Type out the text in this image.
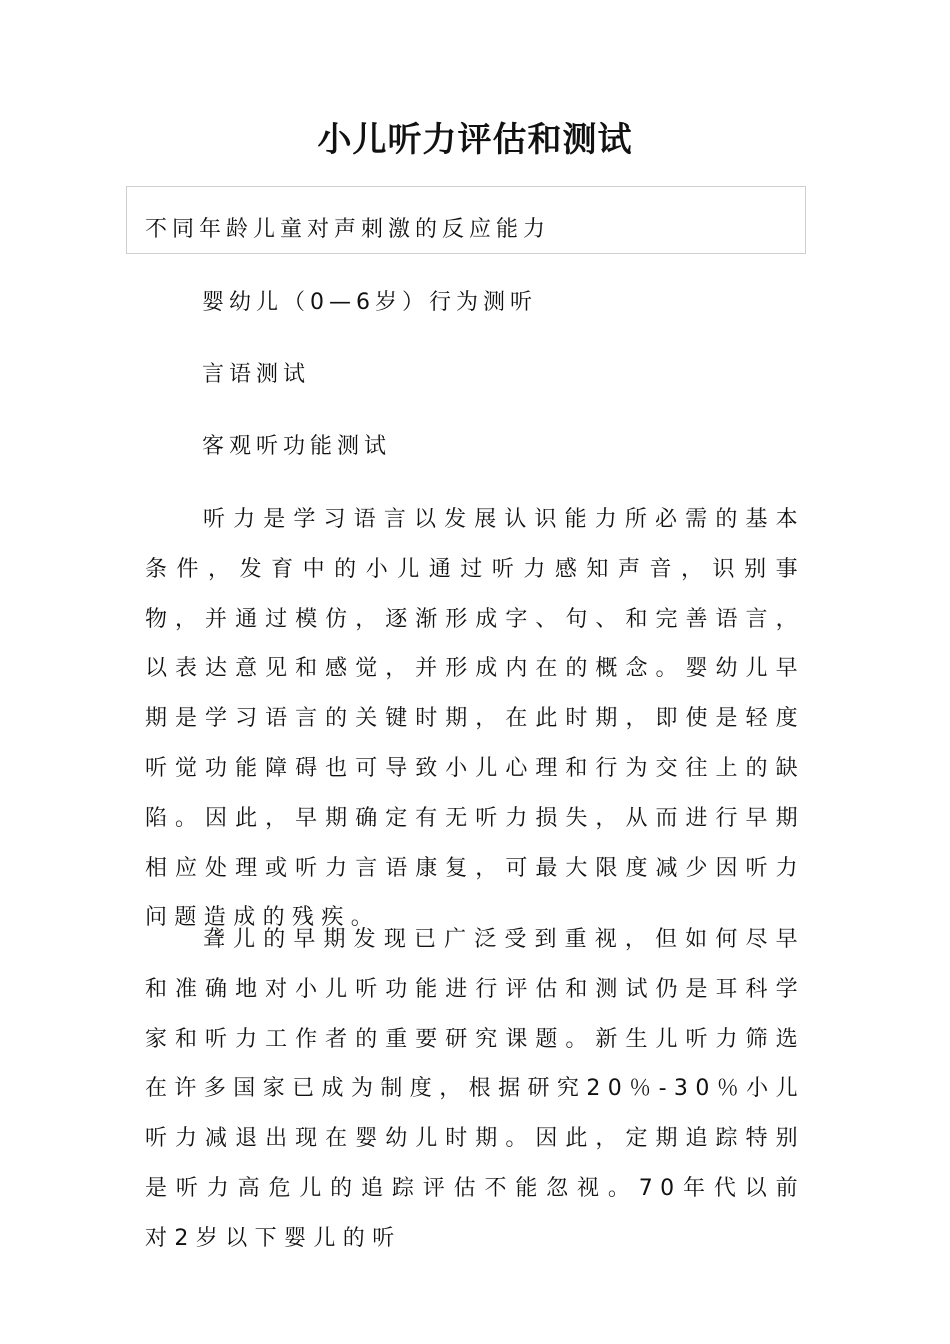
小儿听力评估和测试
不同年龄儿童对声刺激的反应能力
婴幼儿（0—6岁）行为测听
言语测试
客观听功能测试

听力是学习语言以发展认识能力所必需的基本条件，发育中的小儿通过听力感知声音，识别事物，并通过模仿，逐渐形成字、句、和完善语言，以表达意见和感觉，并形成内在的概念。婴幼儿早期是学习语言的关键时期，在此时期，即使是轻度听觉功能障碍也可导致小儿心理和行为交往上的缺陷。因此，早期确定有无听力损失，从而进行早期相应处理或听力言语康复，可最大限度减少因听力问题造成的残疾。

聋儿的早期发现已广泛受到重视，但如何尽早和准确地对小儿听功能进行评估和测试仍是耳科学家和听力工作者的重要研究课题。新生儿听力筛选在许多国家已成为制度，根据研究20％-30％小儿听力减退出现在婴幼儿时期。因此，定期追踪特别是听力高危儿的追踪评估不能忽视。70年代以前对2岁以下婴儿的听
